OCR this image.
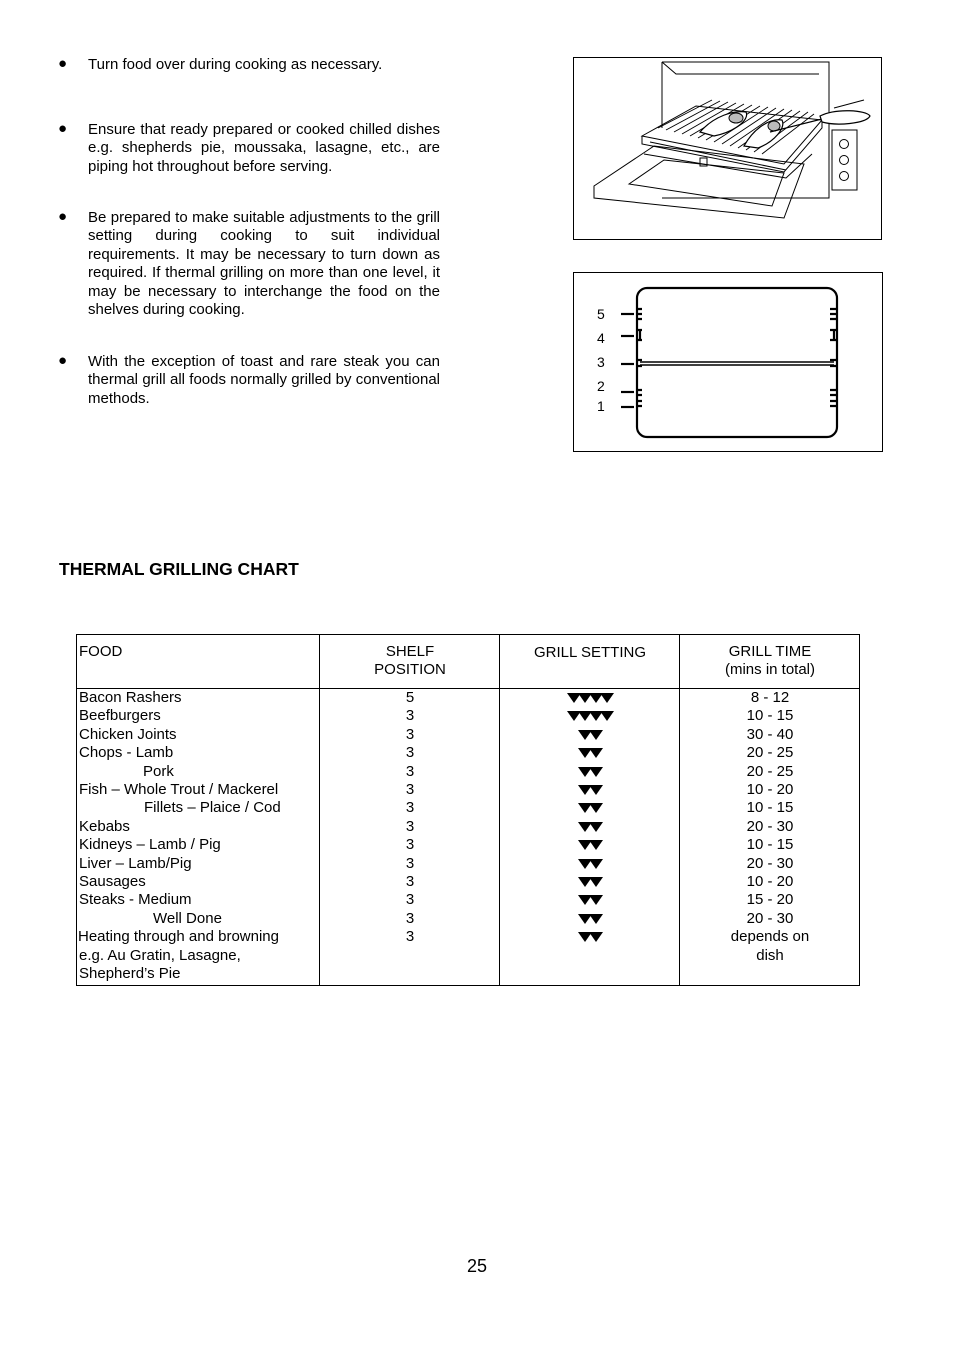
● Turn food over during cooking as necessary.
● Ensure that ready prepared or cooked chilled dishes e.g. shepherds pie, moussaka, lasagne, etc., are piping hot throughout before serving.
● Be prepared to make suitable adjustments to the grill setting during cooking to suit individual requirements. It may be necessary to turn down as required. If thermal grilling on more than one level, it may be necessary to interchange the food on the shelves during cooking.
● With the exception of toast and rare steak you can thermal grill all foods normally grilled by conventional methods.
5
4
3
2
1
THERMAL GRILLING CHART
FOOD	SHELF
POSITION
GRILL SETTING	GRILL TIME
(mins in total)
Bacon Rashers
Beefburgers
Chicken Joints
Chops - Lamb
Pork
Fish – Whole Trout / Mackerel
Fillets – Plaice / Cod
Kebabs
Kidneys – Lamb / Pig
Liver – Lamb/Pig
Sausages
Steaks - Medium
Well Done
Heating through and browning
e.g. Au Gratin, Lasagne,
Shepherd’s Pie
5
3
3
3
3
3
3
3
3
3
3
3
3
3
8 - 12
10 - 15
30 - 40
20 - 25
20 - 25
10 - 20
10 - 15
20 - 30
10 - 15
20 - 30
10 - 20
15 - 20
20 - 30
depends on
dish
25
